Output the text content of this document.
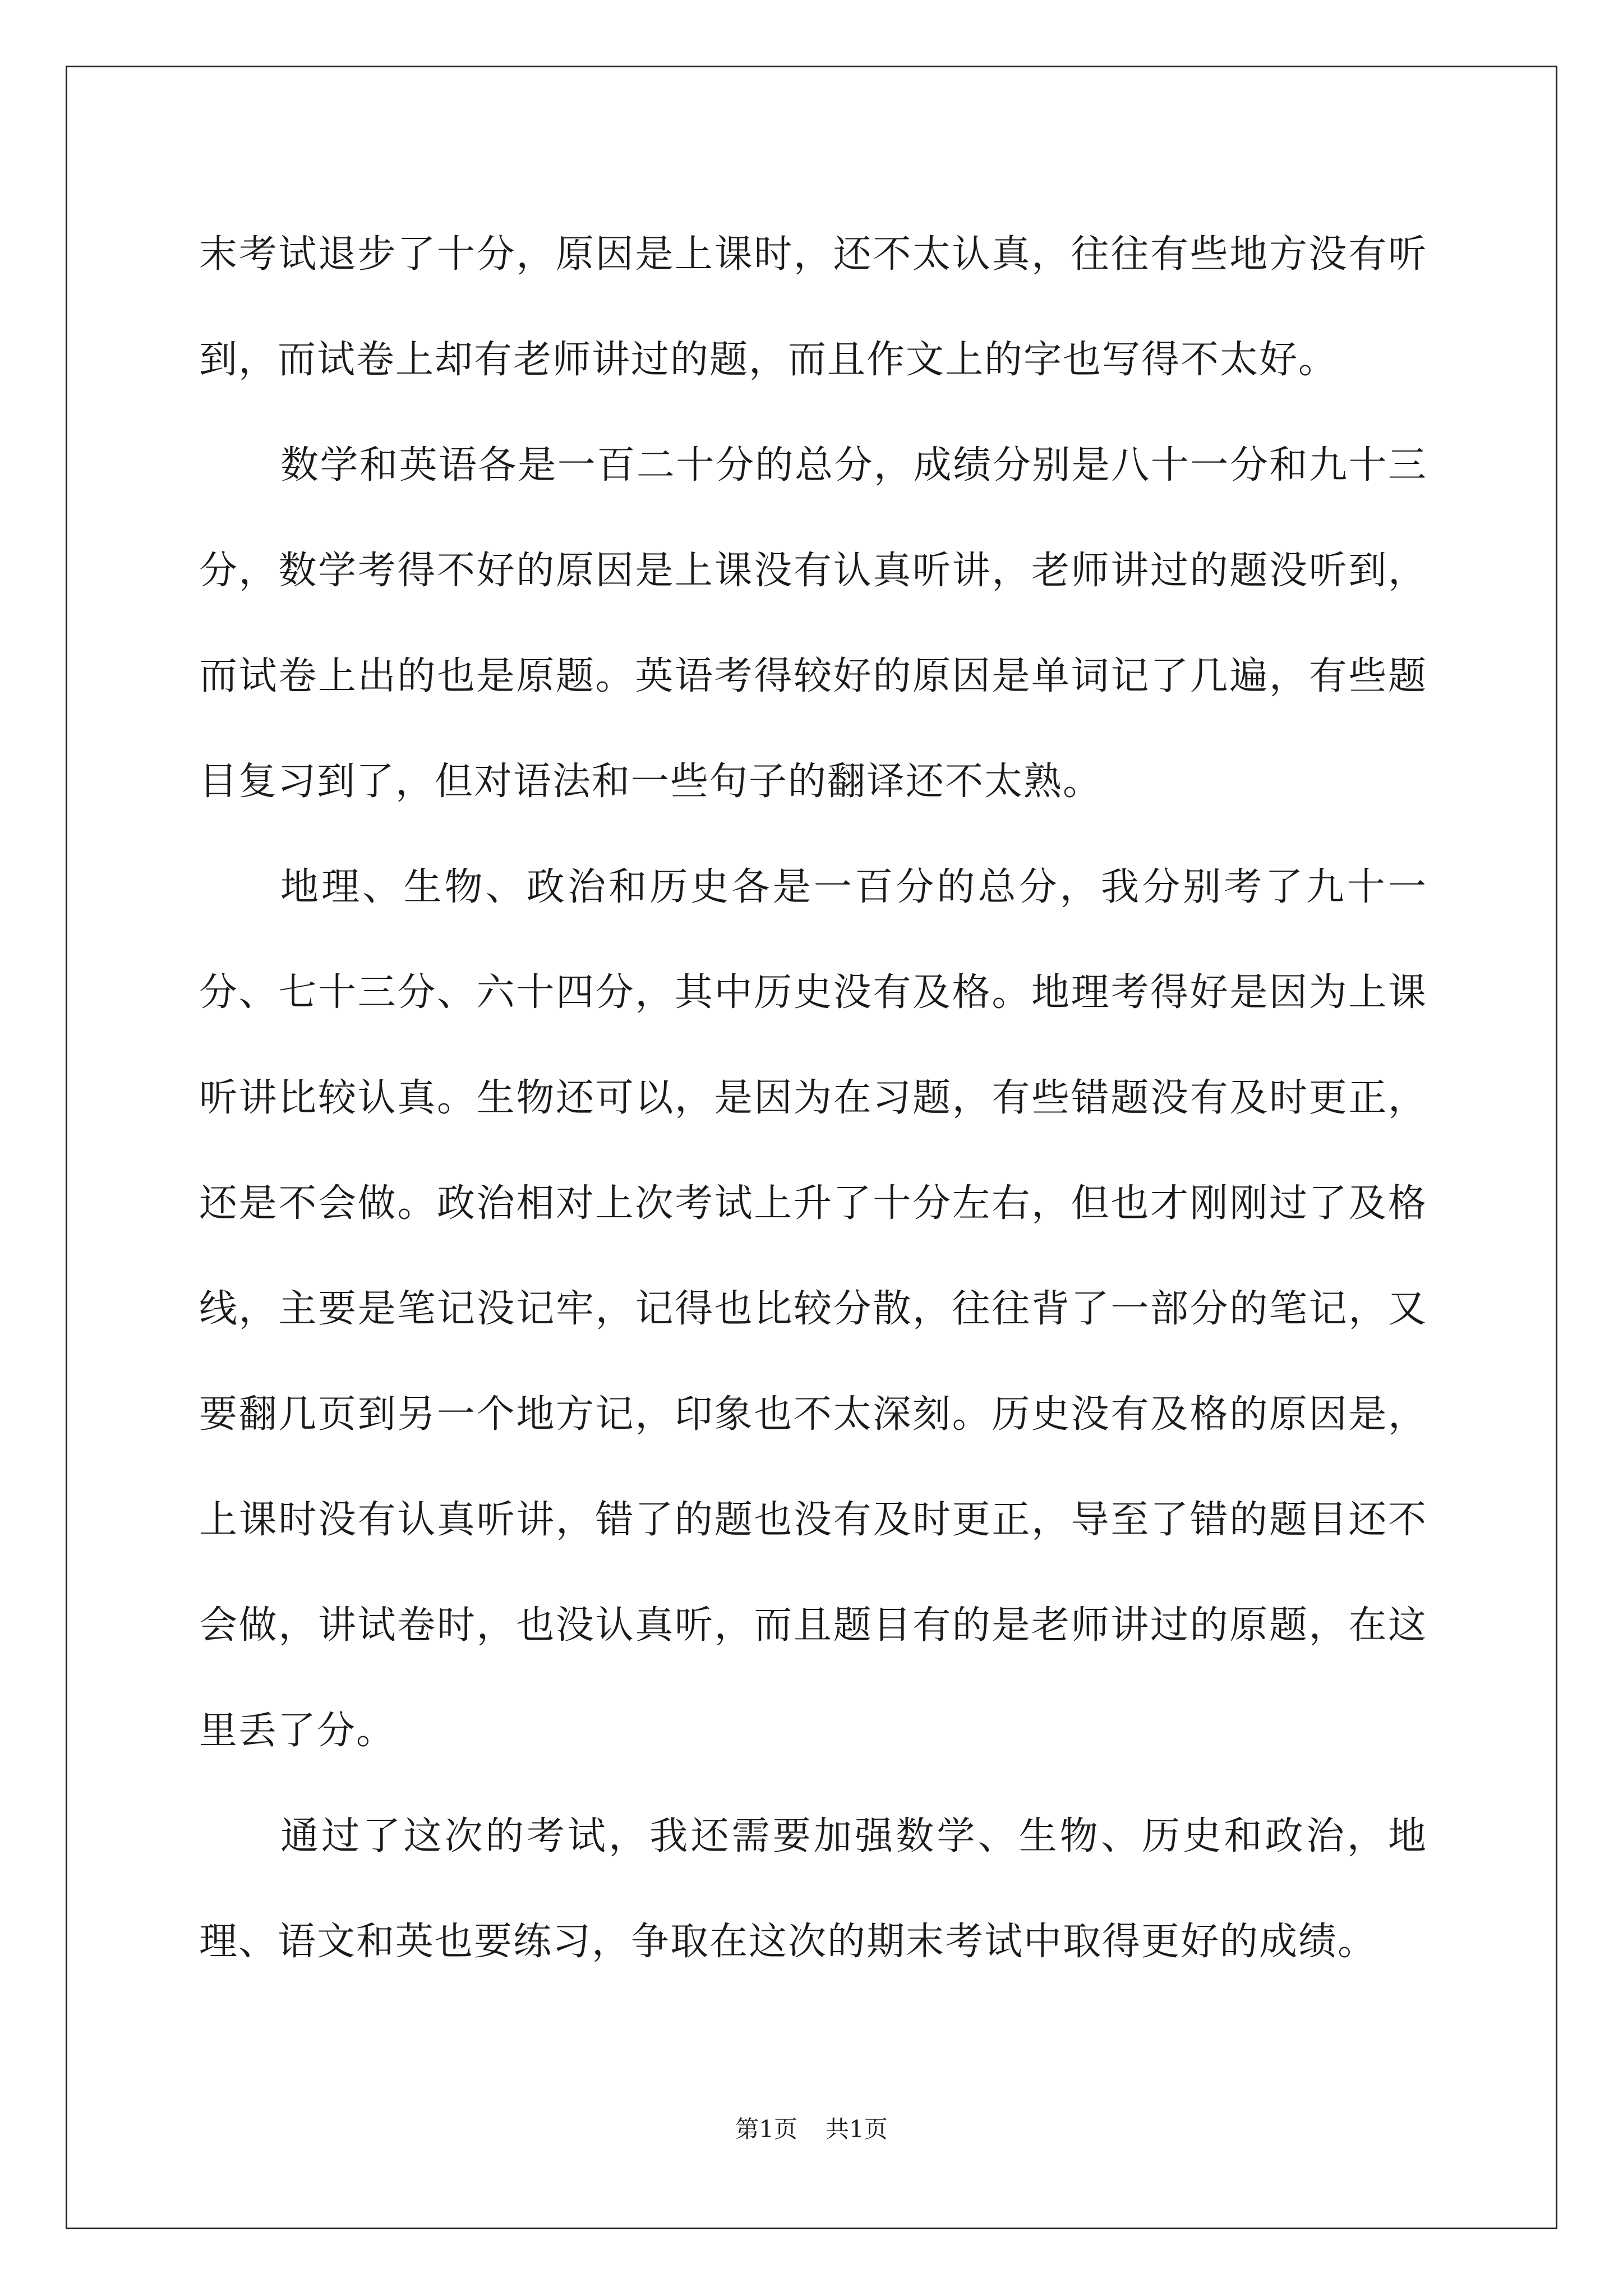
末考试退步了十分，原因是上课时，还不太认真，往往有些地方没有听到，而试卷上却有老师讲过的题，而且作文上的字也写得不太好。

数学和英语各是一百二十分的总分，成绩分别是八十一分和九十三分，数学考得不好的原因是上课没有认真听讲，老师讲过的题没听到，而试卷上出的也是原题。英语考得较好的原因是单词记了几遍，有些题目复习到了，但对语法和一些句子的翻译还不太熟。

地理、生物、政治和历史各是一百分的总分，我分别考了九十一分、七十三分、六十四分，其中历史没有及格。地理考得好是因为上课听讲比较认真。生物还可以，是因为在习题，有些错题没有及时更正，还是不会做。政治相对上次考试上升了十分左右，但也才刚刚过了及格线，主要是笔记没记牢，记得也比较分散，往往背了一部分的笔记，又要翻几页到另一个地方记，印象也不太深刻。历史没有及格的原因是，上课时没有认真听讲，错了的题也没有及时更正，导至了错的题目还不会做，讲试卷时，也没认真听，而且题目有的是老师讲过的原题，在这里丢了分。

通过了这次的考试，我还需要加强数学、生物、历史和政治，地理、语文和英也要练习，争取在这次的期末考试中取得更好的成绩。

第1页 共1页
